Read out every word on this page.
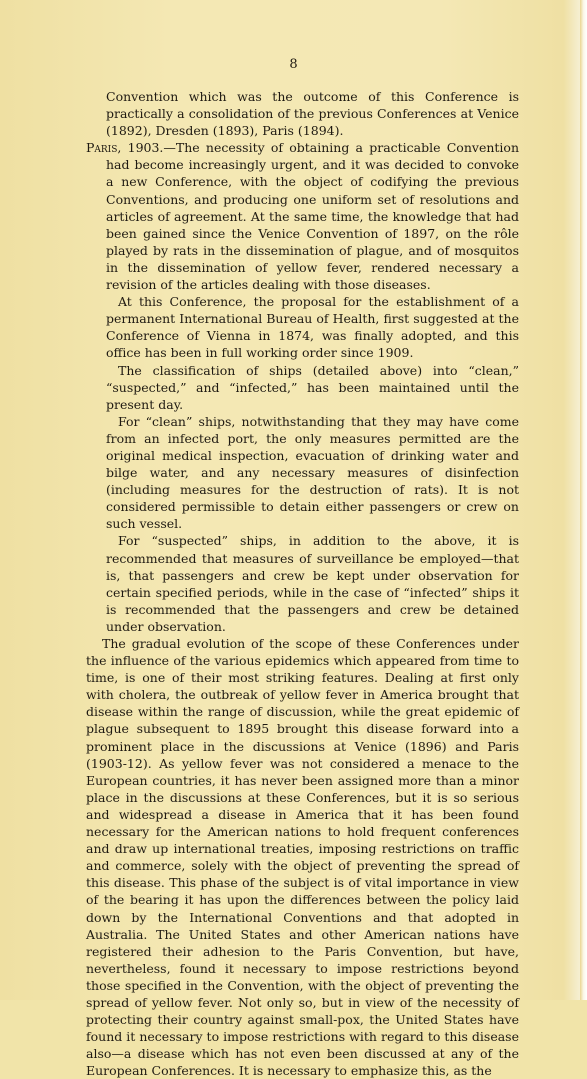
8

Convention which was the outcome of this Conference is practically a consolidation of the previous Conferences at Venice (1892), Dresden (1893), Paris (1894).

Paris, 1903.—The necessity of obtaining a practicable Convention had become increasingly urgent, and it was decided to convoke a new Conference, with the object of codifying the previous Conventions, and producing one uniform set of resolutions and articles of agreement. At the same time, the knowledge that had been gained since the Venice Convention of 1897, on the rôle played by rats in the dissemination of plague, and of mosquitos in the dissemination of yellow fever, rendered necessary a revision of the articles dealing with those diseases.

At this Conference, the proposal for the establishment of a permanent International Bureau of Health, first suggested at the Conference of Vienna in 1874, was finally adopted, and this office has been in full working order since 1909.

The classification of ships (detailed above) into “clean,” “suspected,” and “infected,” has been maintained until the present day.

For “clean” ships, notwithstanding that they may have come from an infected port, the only measures permitted are the original medical inspection, evacuation of drinking water and bilge water, and any necessary measures of disinfection (including measures for the destruction of rats). It is not considered permissible to detain either passengers or crew on such vessel.

For “suspected” ships, in addition to the above, it is recommended that measures of surveillance be employed—that is, that passengers and crew be kept under observation for certain specified periods, while in the case of “infected” ships it is recommended that the passengers and crew be detained under observation.

The gradual evolution of the scope of these Conferences under the influence of the various epidemics which appeared from time to time, is one of their most striking features. Dealing at first only with cholera, the outbreak of yellow fever in America brought that disease within the range of discussion, while the great epidemic of plague subsequent to 1895 brought this disease forward into a prominent place in the discussions at Venice (1896) and Paris (1903-12). As yellow fever was not considered a menace to the European countries, it has never been assigned more than a minor place in the discussions at these Conferences, but it is so serious and widespread a disease in America that it has been found necessary for the American nations to hold frequent conferences and draw up international treaties, imposing restrictions on traffic and commerce, solely with the object of preventing the spread of this disease. This phase of the subject is of vital importance in view of the bearing it has upon the differences between the policy laid down by the International Conventions and that adopted in Australia. The United States and other American nations have registered their adhesion to the Paris Convention, but have, nevertheless, found it necessary to impose restrictions beyond those specified in the Convention, with the object of preventing the spread of yellow fever. Not only so, but in view of the necessity of protecting their country against small-pox, the United States have found it necessary to impose restrictions with regard to this disease also—a disease which has not even been discussed at any of the European Conferences. It is necessary to emphasize this, as the
